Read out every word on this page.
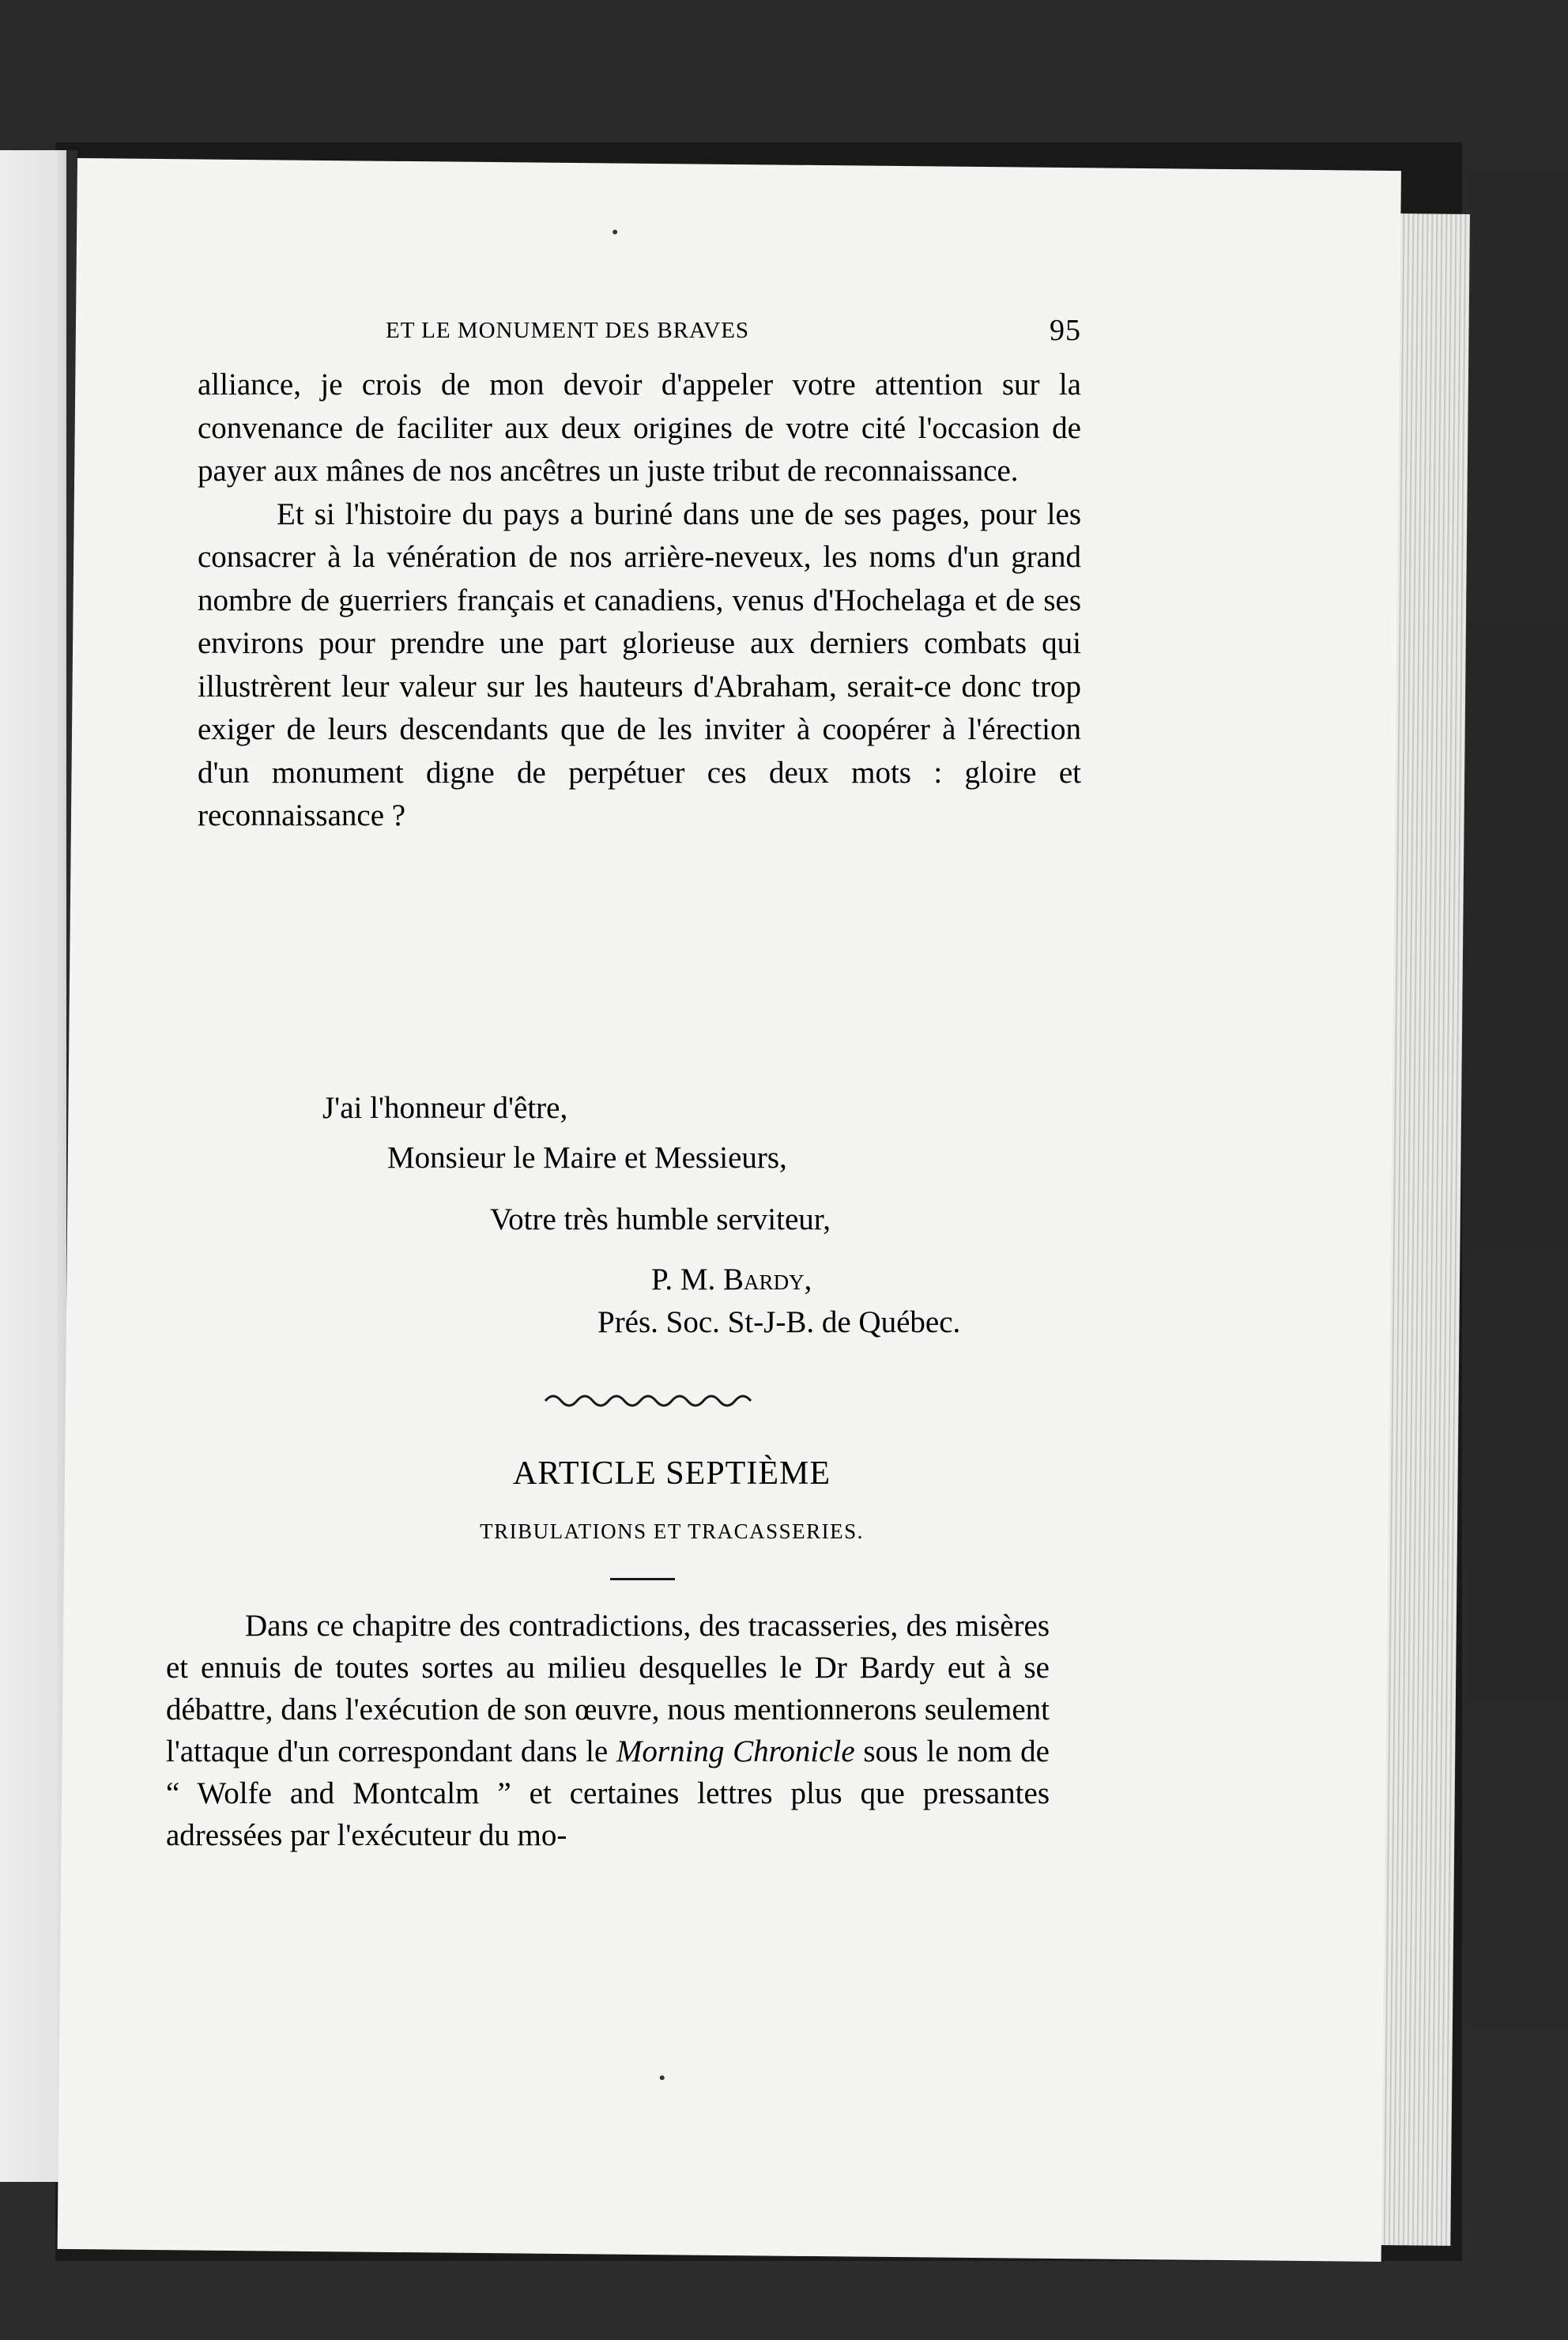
ET LE MONUMENT DES BRAVES	95

alliance, je crois de mon devoir d'appeler votre attention sur la convenance de faciliter aux deux origines de votre cité l'occasion de payer aux mânes de nos ancêtres un juste tribut de reconnaissance.

Et si l'histoire du pays a buriné dans une de ses pages, pour les consacrer à la vénération de nos arrière-neveux, les noms d'un grand nombre de guerriers français et canadiens, venus d'Hochelaga et de ses environs pour prendre une part glorieuse aux derniers combats qui illustrèrent leur valeur sur les hauteurs d'Abraham, serait-ce donc trop exiger de leurs descendants que de les inviter à coopérer à l'érection d'un monument digne de perpétuer ces deux mots : gloire et reconnaissance ?

J'ai l'honneur d'être,
Monsieur le Maire et Messieurs,
Votre très humble serviteur,
P. M. Bardy,
Prés. Soc. St-J-B. de Québec.
ARTICLE SEPTIÈME
TRIBULATIONS ET TRACASSERIES.

Dans ce chapitre des contradictions, des tracasseries, des misères et ennuis de toutes sortes au milieu desquelles le Dr Bardy eut à se débattre, dans l'exécution de son œuvre, nous mentionnerons seulement l'attaque d'un correspondant dans le Morning Chronicle sous le nom de “ Wolfe and Montcalm ” et certaines lettres plus que pressantes adressées par l'exécuteur du mo-
